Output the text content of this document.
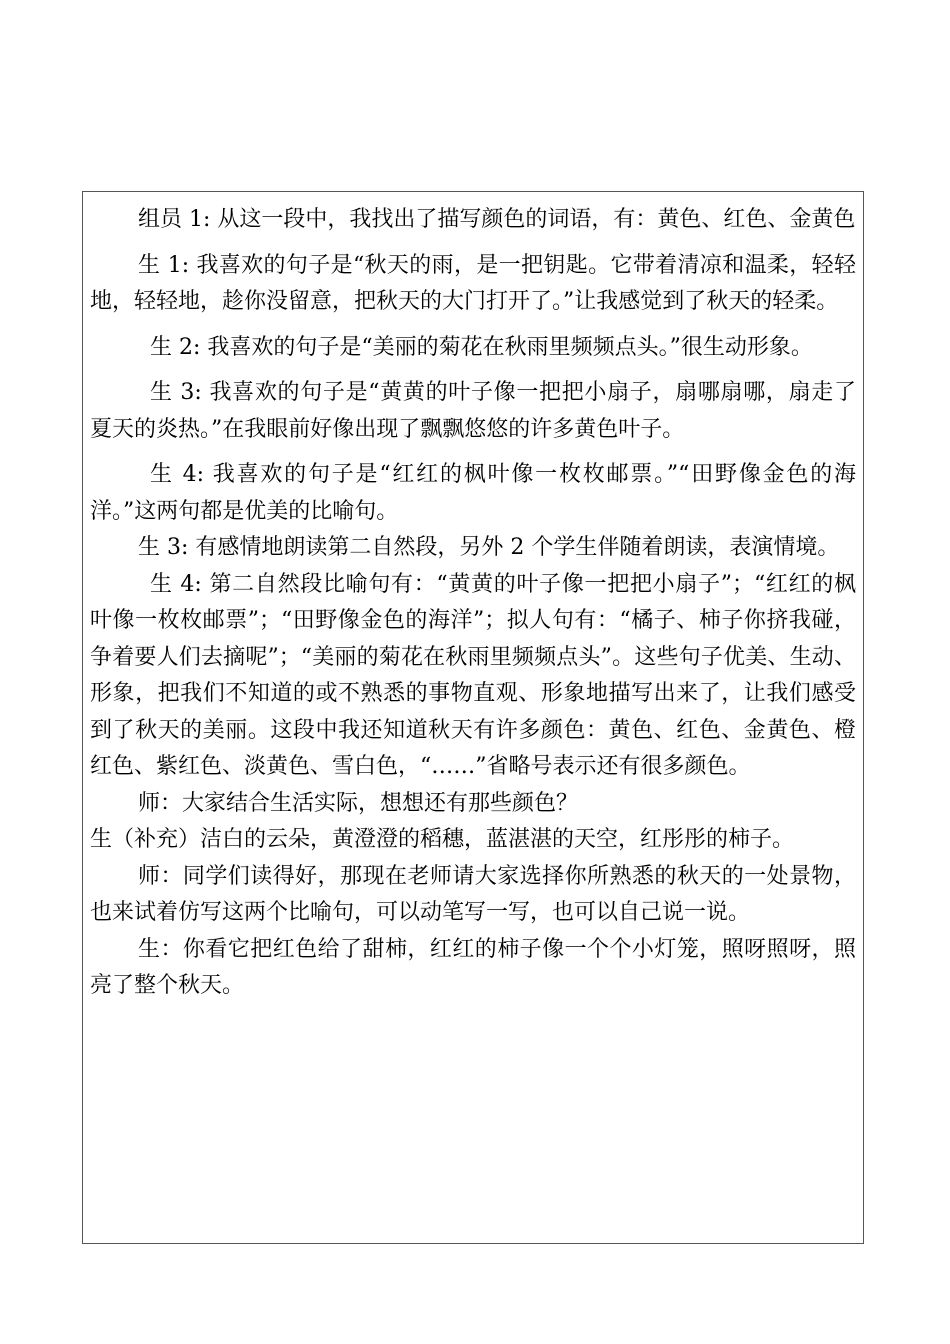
组员 1: 从这一段中，我找出了描写颜色的词语，有：黄色、红色、金黄色

生 1: 我喜欢的句子是“秋天的雨，是一把钥匙。它带着清凉和温柔，轻轻地，轻轻地，趁你没留意，把秋天的大门打开了。”让我感觉到了秋天的轻柔。

生 2: 我喜欢的句子是“美丽的菊花在秋雨里频频点头。”很生动形象。

生 3: 我喜欢的句子是“黄黄的叶子像一把把小扇子，扇哪扇哪，扇走了夏天的炎热。”在我眼前好像出现了飘飘悠悠的许多黄色叶子。

生 4: 我喜欢的句子是“红红的枫叶像一枚枚邮票。”“田野像金色的海洋。”这两句都是优美的比喻句。

生 3: 有感情地朗读第二自然段，另外 2 个学生伴随着朗读，表演情境。

生 4: 第二自然段比喻句有：“黄黄的叶子像一把把小扇子”；“红红的枫叶像一枚枚邮票”；“田野像金色的海洋”；拟人句有：“橘子、柿子你挤我碰，争着要人们去摘呢”；“美丽的菊花在秋雨里频频点头”。这些句子优美、生动、形象，把我们不知道的或不熟悉的事物直观、形象地描写出来了，让我们感受到了秋天的美丽。这段中我还知道秋天有许多颜色：黄色、红色、金黄色、橙红色、紫红色、淡黄色、雪白色，“……”省略号表示还有很多颜色。

师：大家结合生活实际，想想还有那些颜色？

生（补充）洁白的云朵，黄澄澄的稻穗，蓝湛湛的天空，红彤彤的柿子。

师：同学们读得好，那现在老师请大家选择你所熟悉的秋天的一处景物，也来试着仿写这两个比喻句，可以动笔写一写，也可以自己说一说。

生：你看它把红色给了甜柿，红红的柿子像一个个小灯笼，照呀照呀，照亮了整个秋天。
